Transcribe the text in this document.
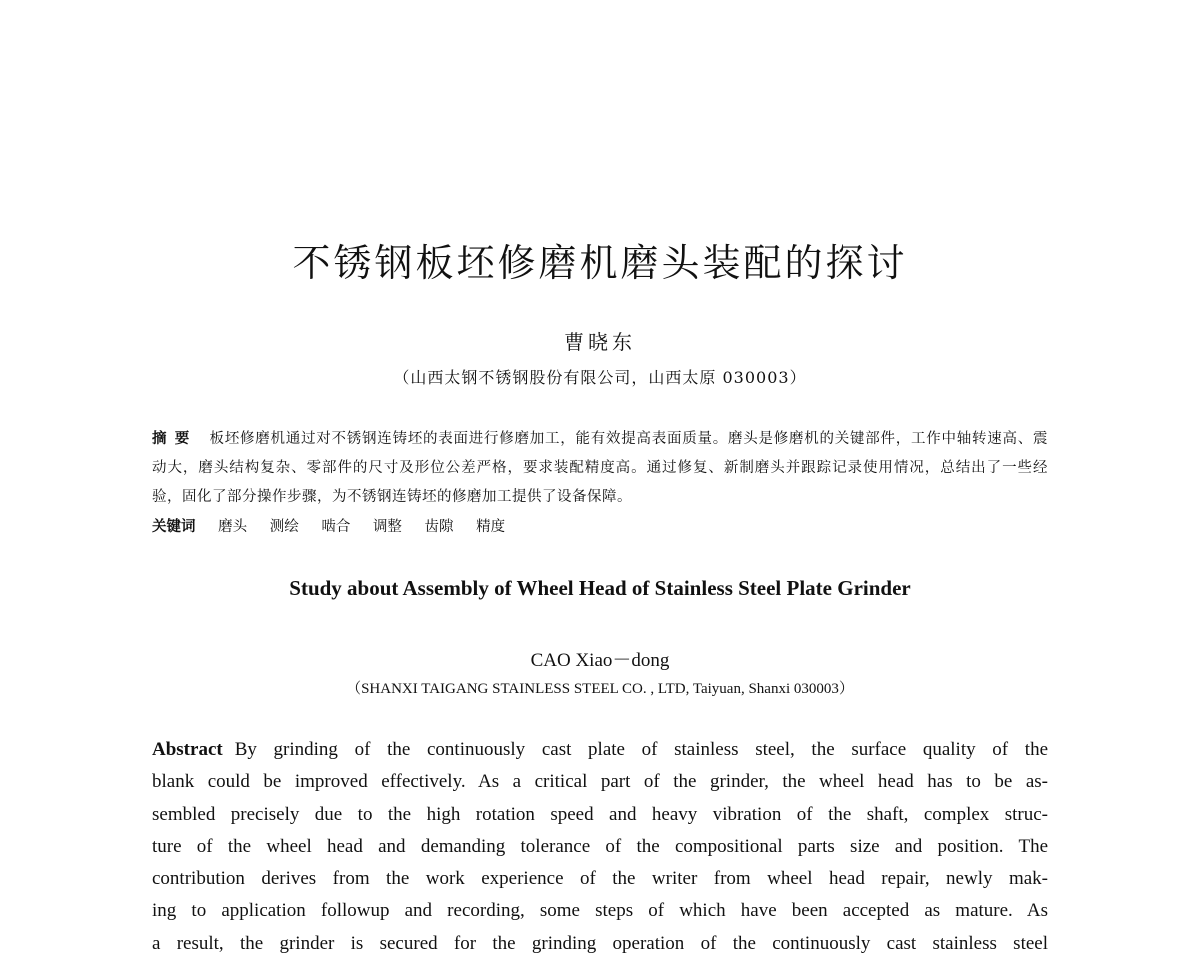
不锈钢板坯修磨机磨头装配的探讨
曹晓东
（山西太钢不锈钢股份有限公司，山西太原 030003）
摘要 板坯修磨机通过对不锈钢连铸坯的表面进行修磨加工，能有效提高表面质量。磨头是修磨机的关键部件，工作中轴转速高、震动大，磨头结构复杂、零部件的尺寸及形位公差严格，要求装配精度高。通过修复、新制磨头并跟踪记录使用情况，总结出了一些经验，固化了部分操作步骤，为不锈钢连铸坯的修磨加工提供了设备保障。
关键词 磨头 测绘 啮合 调整 齿隙 精度
Study about Assembly of Wheel Head of Stainless Steel Plate Grinder
CAO Xiao－dong
（SHANXI TAIGANG STAINLESS STEEL CO. , LTD, Taiyuan, Shanxi 030003）
Abstract By grinding of the continuously cast plate of stainless steel, the surface quality of the
blank could be improved effectively. As a critical part of the grinder, the wheel head has to be as-
sembled precisely due to the high rotation speed and heavy vibration of the shaft, complex struc-
ture of the wheel head and demanding tolerance of the compositional parts size and position. The
contribution derives from the work experience of the writer from wheel head repair, newly mak-
ing to application followup and recording, some steps of which have been accepted as mature. As
a result, the grinder is secured for the grinding operation of the continuously cast stainless steel
